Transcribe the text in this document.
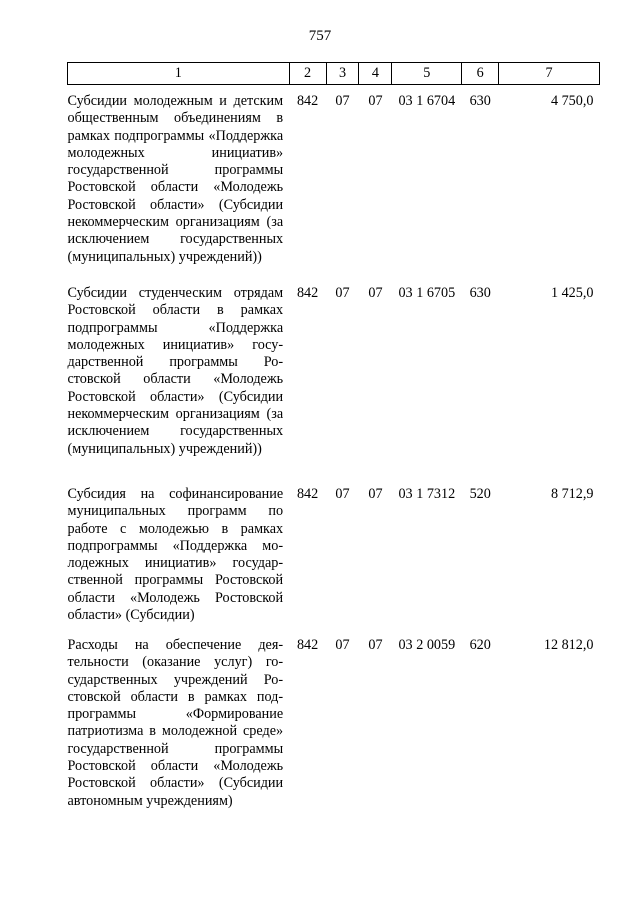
757
1	2	3	4	5	6	7
Субсидии молодежным и детским общественным объединениям в рамках подпрограммы «Поддержка молодежных инициатив» государственной программы Ростовской области «Молодежь Ростовской области» (Субсидии некоммерческим организациям (за исключением государственных (муниципальных) учреждений))	842	07	07	03 1 6704	630	4 750,0
Субсидии студенческим отрядам Ростовской области в рамках подпрограммы «Поддержка молодежных инициатив» государственной программы Ростовской области «Молодежь Ростовской области» (Субсидии некоммерческим организациям (за исключением государственных (муниципальных) учреждений))	842	07	07	03 1 6705	630	1 425,0
Субсидия на софинансирование муниципальных программ по работе с молодежью в рамках подпрограммы «Поддержка молодежных инициатив» государственной программы Ростовской области «Молодежь Ростовской области» (Субсидии)	842	07	07	03 1 7312	520	8 712,9
Расходы на обеспечение деятельности (оказание услуг) государственных учреждений Ростовской области в рамках подпрограммы «Формирование патриотизма в молодежной среде» государственной программы Ростовской области «Молодежь Ростовской области» (Субсидии автономным учреждениям)	842	07	07	03 2 0059	620	12 812,0
